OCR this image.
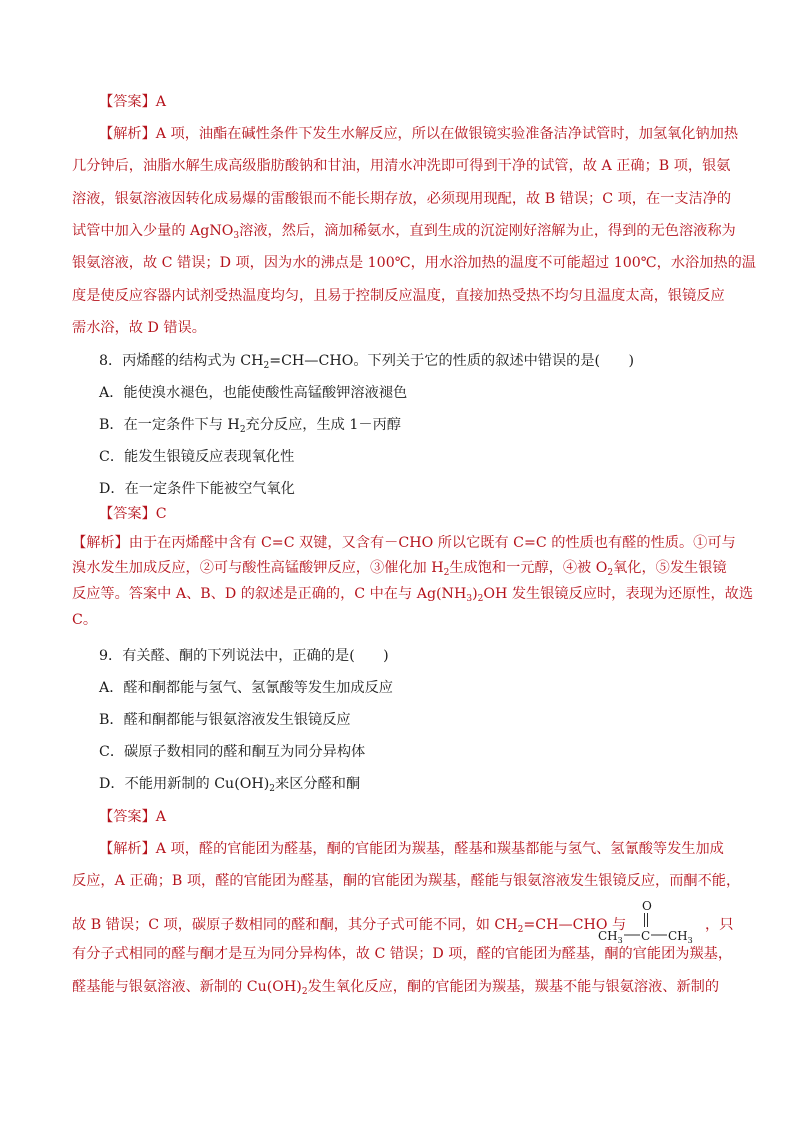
【答案】A
【解析】A 项，油酯在碱性条件下发生水解反应，所以在做银镜实验准备洁净试管时，加氢氧化钠加热
几分钟后，油脂水解生成高级脂肪酸钠和甘油，用清水冲洗即可得到干净的试管，故 A 正确；B 项，银氨
溶液，银氨溶液因转化成易爆的雷酸银而不能长期存放，必须现用现配，故 B 错误；C 项，在一支洁净的
试管中加入少量的 AgNO$_3$溶液，然后，滴加稀氨水，直到生成的沉淀刚好溶解为止，得到的无色溶液称为
银氨溶液，故 C 错误；D 项，因为水的沸点是 100℃，用水浴加热的温度不可能超过 100℃，水浴加热的温
度是使反应容器内试剂受热温度均匀，且易于控制反应温度，直接加热受热不均匀且温度太高，银镜反应
需水浴，故 D 错误。
8．丙烯醛的结构式为 $CH_2=CH—CHO$。下列关于它的性质的叙述中错误的是(　　)
A．能使溴水褪色，也能使酸性高锰酸钾溶液褪色
B．在一定条件下与 $H_2$充分反应，生成 1－丙醇
C．能发生银镜反应表现氧化性
D．在一定条件下能被空气氧化
【答案】C
【解析】由于在丙烯醛中含有 C=C 双键，又含有－CHO 所以它既有 C=C 的性质也有醛的性质。①可与
溴水发生加成反应，②可与酸性高锰酸钾反应，③催化加 $H_2$生成饱和一元醇，④被 $O_2$氧化，⑤发生银镜
反应等。答案中 A、B、D 的叙述是正确的，C 中在与 $Ag(NH_3)_2OH$ 发生银镜反应时，表现为还原性，故选
C。
9．有关醛、酮的下列说法中，正确的是(　　)
A．醛和酮都能与氢气、氢氰酸等发生加成反应
B．醛和酮都能与银氨溶液发生银镜反应
C．碳原子数相同的醛和酮互为同分异构体
D．不能用新制的 $Cu(OH)_2$来区分醛和酮
【答案】A
【解析】A 项，醛的官能团为醛基，酮的官能团为羰基，醛基和羰基都能与氢气、氢氰酸等发生加成
反应，A 正确；B 项，醛的官能团为醛基，酮的官能团为羰基，醛能与银氨溶液发生银镜反应，而酮不能，
故 B 错误；C 项，碳原子数相同的醛和酮，其分子式可能不同，如 $CH_2=CH—CHO$ 与	，只
O
$CH_3$ C $CH_3$
有分子式相同的醛与酮才是互为同分异构体，故 C 错误；D 项，醛的官能团为醛基，酮的官能团为羰基，
醛基能与银氨溶液、新制的 $Cu(OH)_2$发生氧化反应，酮的官能团为羰基，羰基不能与银氨溶液、新制的
